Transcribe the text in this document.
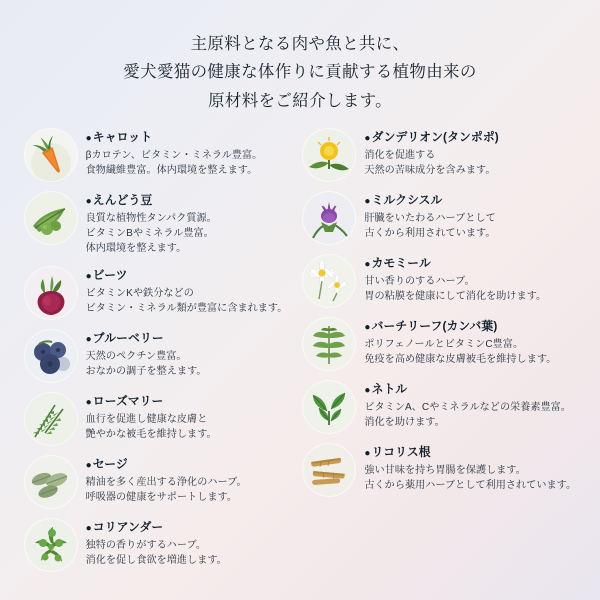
主原料となる肉や魚と共に、
愛犬愛猫の健康な体作りに貢献する植物由来の
原材料をご紹介します。
●キャロット
βカロテン、ビタミン・ミネラル豊富。
食物繊維豊富。体内環境を整えます。
●えんどう豆
良質な植物性タンパク質源。
ビタミンBやミネラル豊富。
体内環境を整えます。
●ビーツ
ビタミンKや鉄分などの
ビタミン・ミネラル類が豊富に含まれます。
●ブルーベリー
天然のペクチン豊富。
おなかの調子を整えます。
●ローズマリー
血行を促進し健康な皮膚と
艶やかな被毛を維持します。
●セージ
精油を多く産出する浄化のハーブ。
呼吸器の健康をサポートします。
●コリアンダー
独特の香りがするハーブ。
消化を促し食欲を増進します。
●ダンデリオン(タンポポ)
消化を促進する
天然の苦味成分を含みます。
●ミルクシスル
肝臓をいたわるハーブとして
古くから利用されています。
●カモミール
甘い香りのするハーブ。
胃の粘膜を健康にして消化を助けます。
●バーチリーフ(カンバ葉)
ポリフェノールとビタミンC豊富。
免疫を高め健康な皮膚被毛を維持します。
●ネトル
ビタミンA、Cやミネラルなどの栄養素豊富。
消化を助けます。
●リコリス根
強い甘味を持ち胃腸を保護します。
古くから薬用ハーブとして利用されています。
